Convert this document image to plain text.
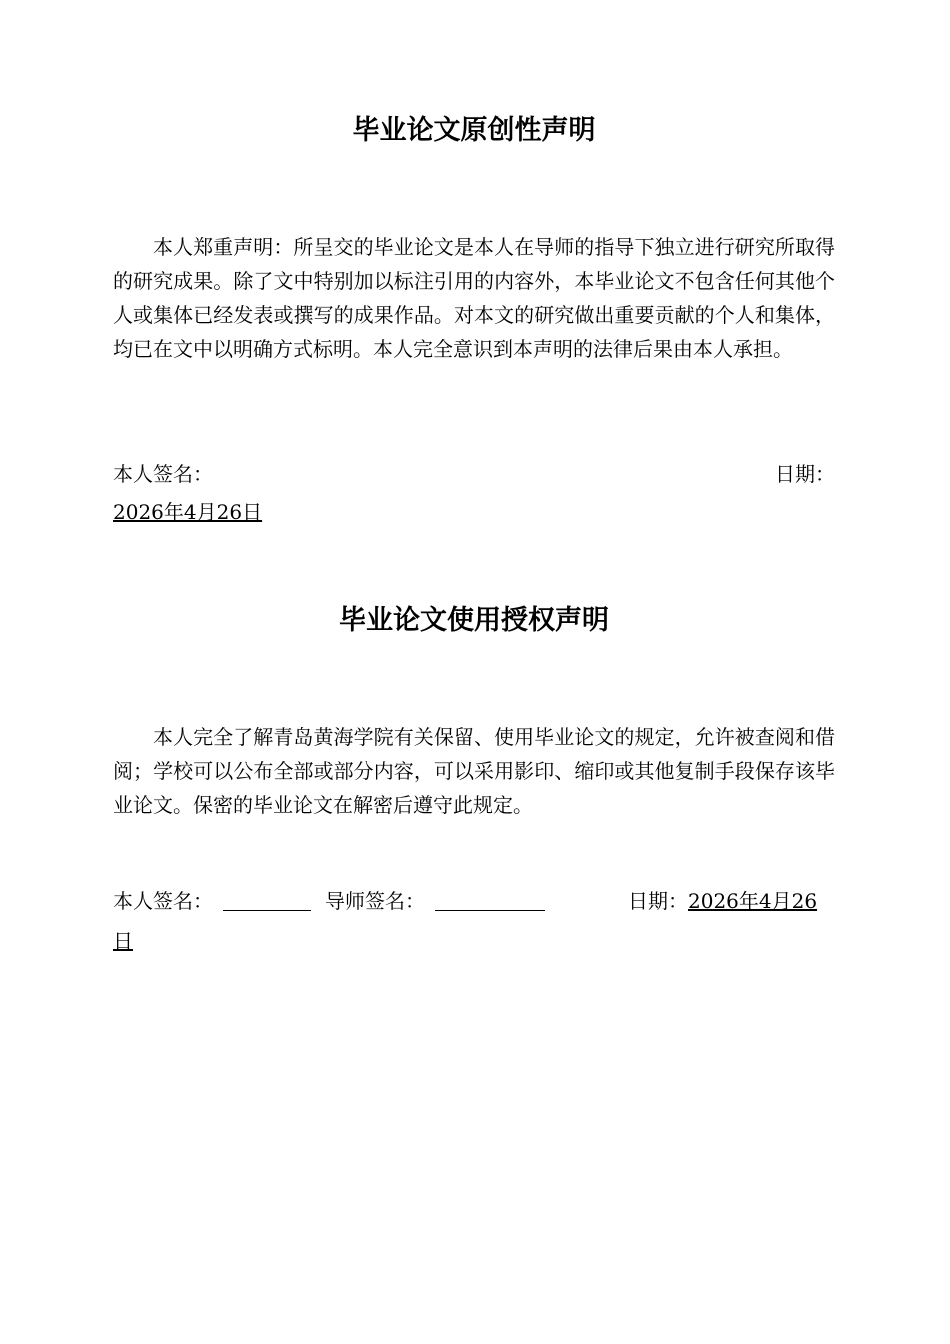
毕业论文原创性声明

本人郑重声明：所呈交的毕业论文是本人在导师的指导下独立进行研究所取得的研究成果。除了文中特别加以标注引用的内容外，本毕业论文不包含任何其他个人或集体已经发表或撰写的成果作品。对本文的研究做出重要贡献的个人和集体，均已在文中以明确方式标明。本人完全意识到本声明的法律后果由本人承担。

本人签名：	日期：
2026年4月26日
毕业论文使用授权声明

本人完全了解青岛黄海学院有关保留、使用毕业论文的规定，允许被查阅和借阅；学校可以公布全部或部分内容，可以采用影印、缩印或其他复制手段保存该毕业论文。保密的毕业论文在解密后遵守此规定。

本人签名：	导师签名：	日期：2026年4月26
日
